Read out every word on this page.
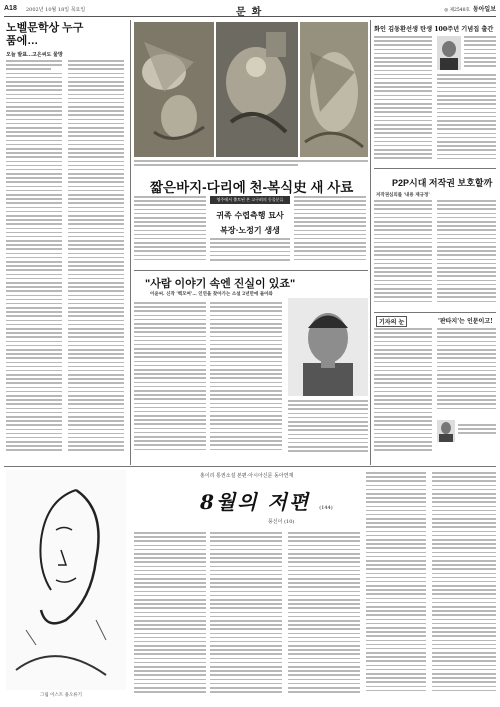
A18 2002년 10월 18일 목요일	문화	◎ 제2540호 동아일보
노벨문학상 누구 품에…
오늘 발표…고은씨도 물망
짧은바지-다리에 천-복식史 새 사료
영주에서 출토된 본 고구려의 동물분류
귀족 수렵측행 묘사
복장·노정기 생생
"사람 이야기 속엔 진실이 있죠"
이윤씨. 신작 '백모여'… 인연을 찾아가는 소설 2년만에 돌아와
화인 김동환선생 탄생 100주년 기념집 출간
P2P시대 저작권 보호할까
저작권심의를 '내용 재규정'
기자의 눈	'판타지'는 인문이고!
그림 이스트 용오류기
홍이리 통권소설 본편·아시아신문 동아연재
8월의 저편 (144)
풍신이 (10)
